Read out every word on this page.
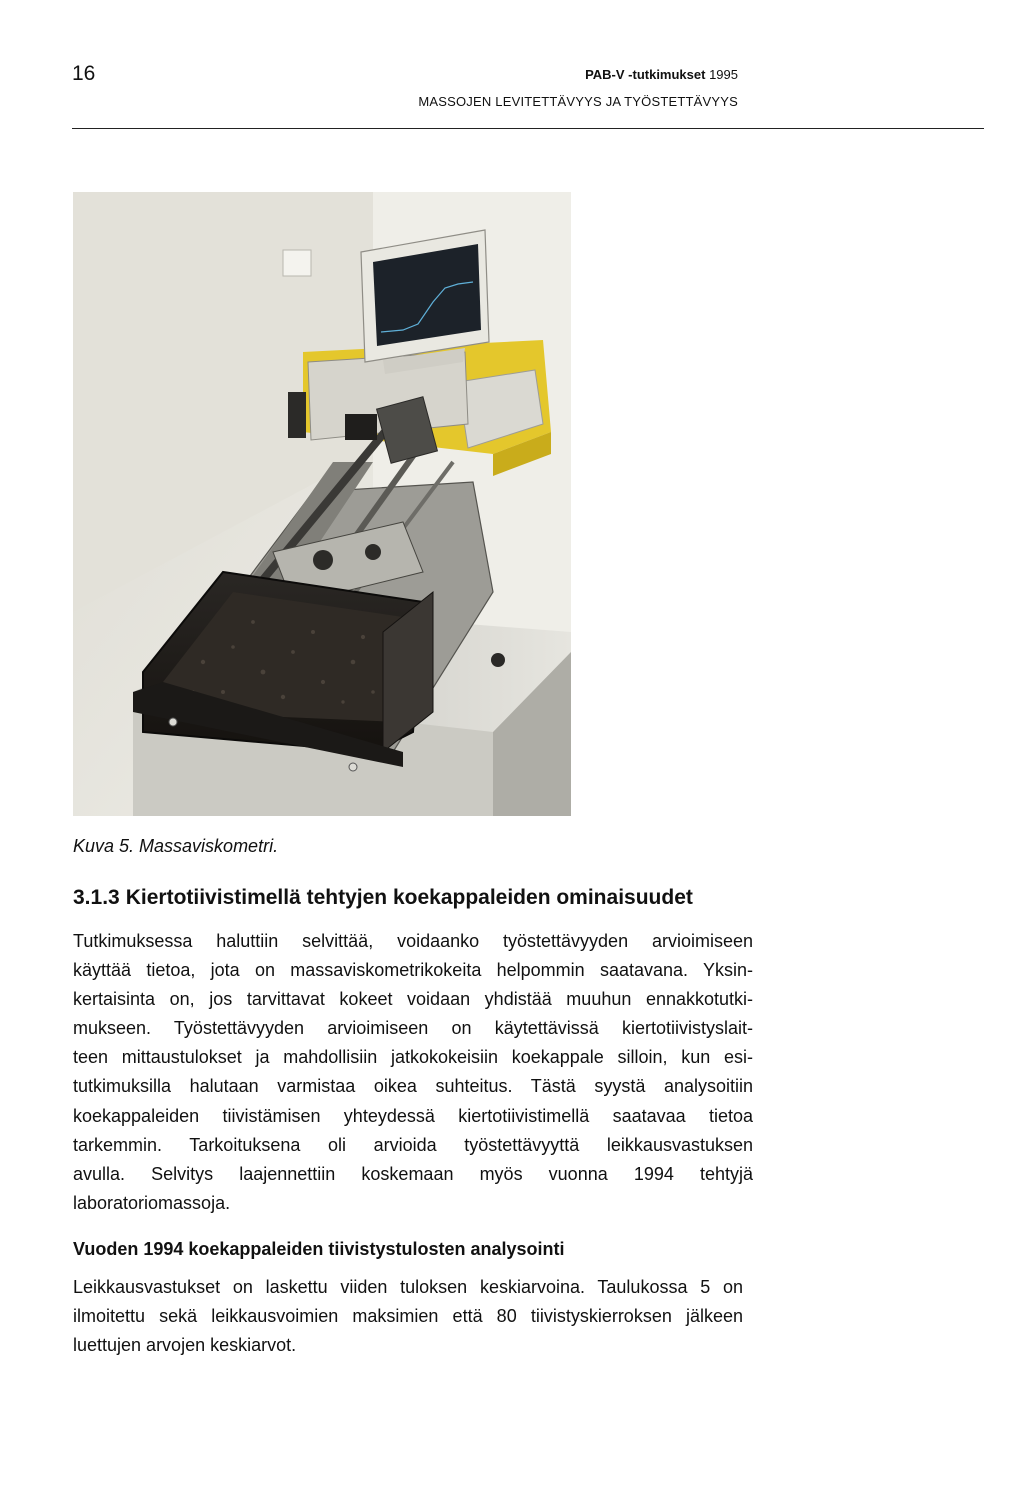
16	PAB-V -tutkimukset 1995
MASSOJEN LEVITETTÄVYYS JA TYÖSTETTÄVYYS
Kuva 5. Massaviskometri.
3.1.3 Kiertotiivistimellä tehtyjen koekappaleiden ominaisuudet
Tutkimuksessa haluttiin selvittää, voidaanko työstettävyyden arvioimiseen
käyttää tietoa, jota on massaviskometrikokeita helpommin saatavana. Yksin-
kertaisinta on, jos tarvittavat kokeet voidaan yhdistää muuhun ennakkotutki-
mukseen. Työstettävyyden arvioimiseen on käytettävissä kiertotiivistyslait-
teen mittaustulokset ja mahdollisiin jatkokokeisiin koekappale silloin, kun esi-
tutkimuksilla halutaan varmistaa oikea suhteitus. Tästä syystä analysoitiin
koekappaleiden tiivistämisen yhteydessä kiertotiivistimellä saatavaa tietoa
tarkemmin. Tarkoituksena oli arvioida työstettävyyttä leikkausvastuksen
avulla. Selvitys laajennettiin koskemaan myös vuonna 1994 tehtyjä
laboratoriomassoja.
Vuoden 1994 koekappaleiden tiivistystulosten analysointi
Leikkausvastukset on laskettu viiden tuloksen keskiarvoina. Taulukossa 5 on
ilmoitettu sekä leikkausvoimien maksimien että 80 tiivistyskierroksen jälkeen
luettujen arvojen keskiarvot.
